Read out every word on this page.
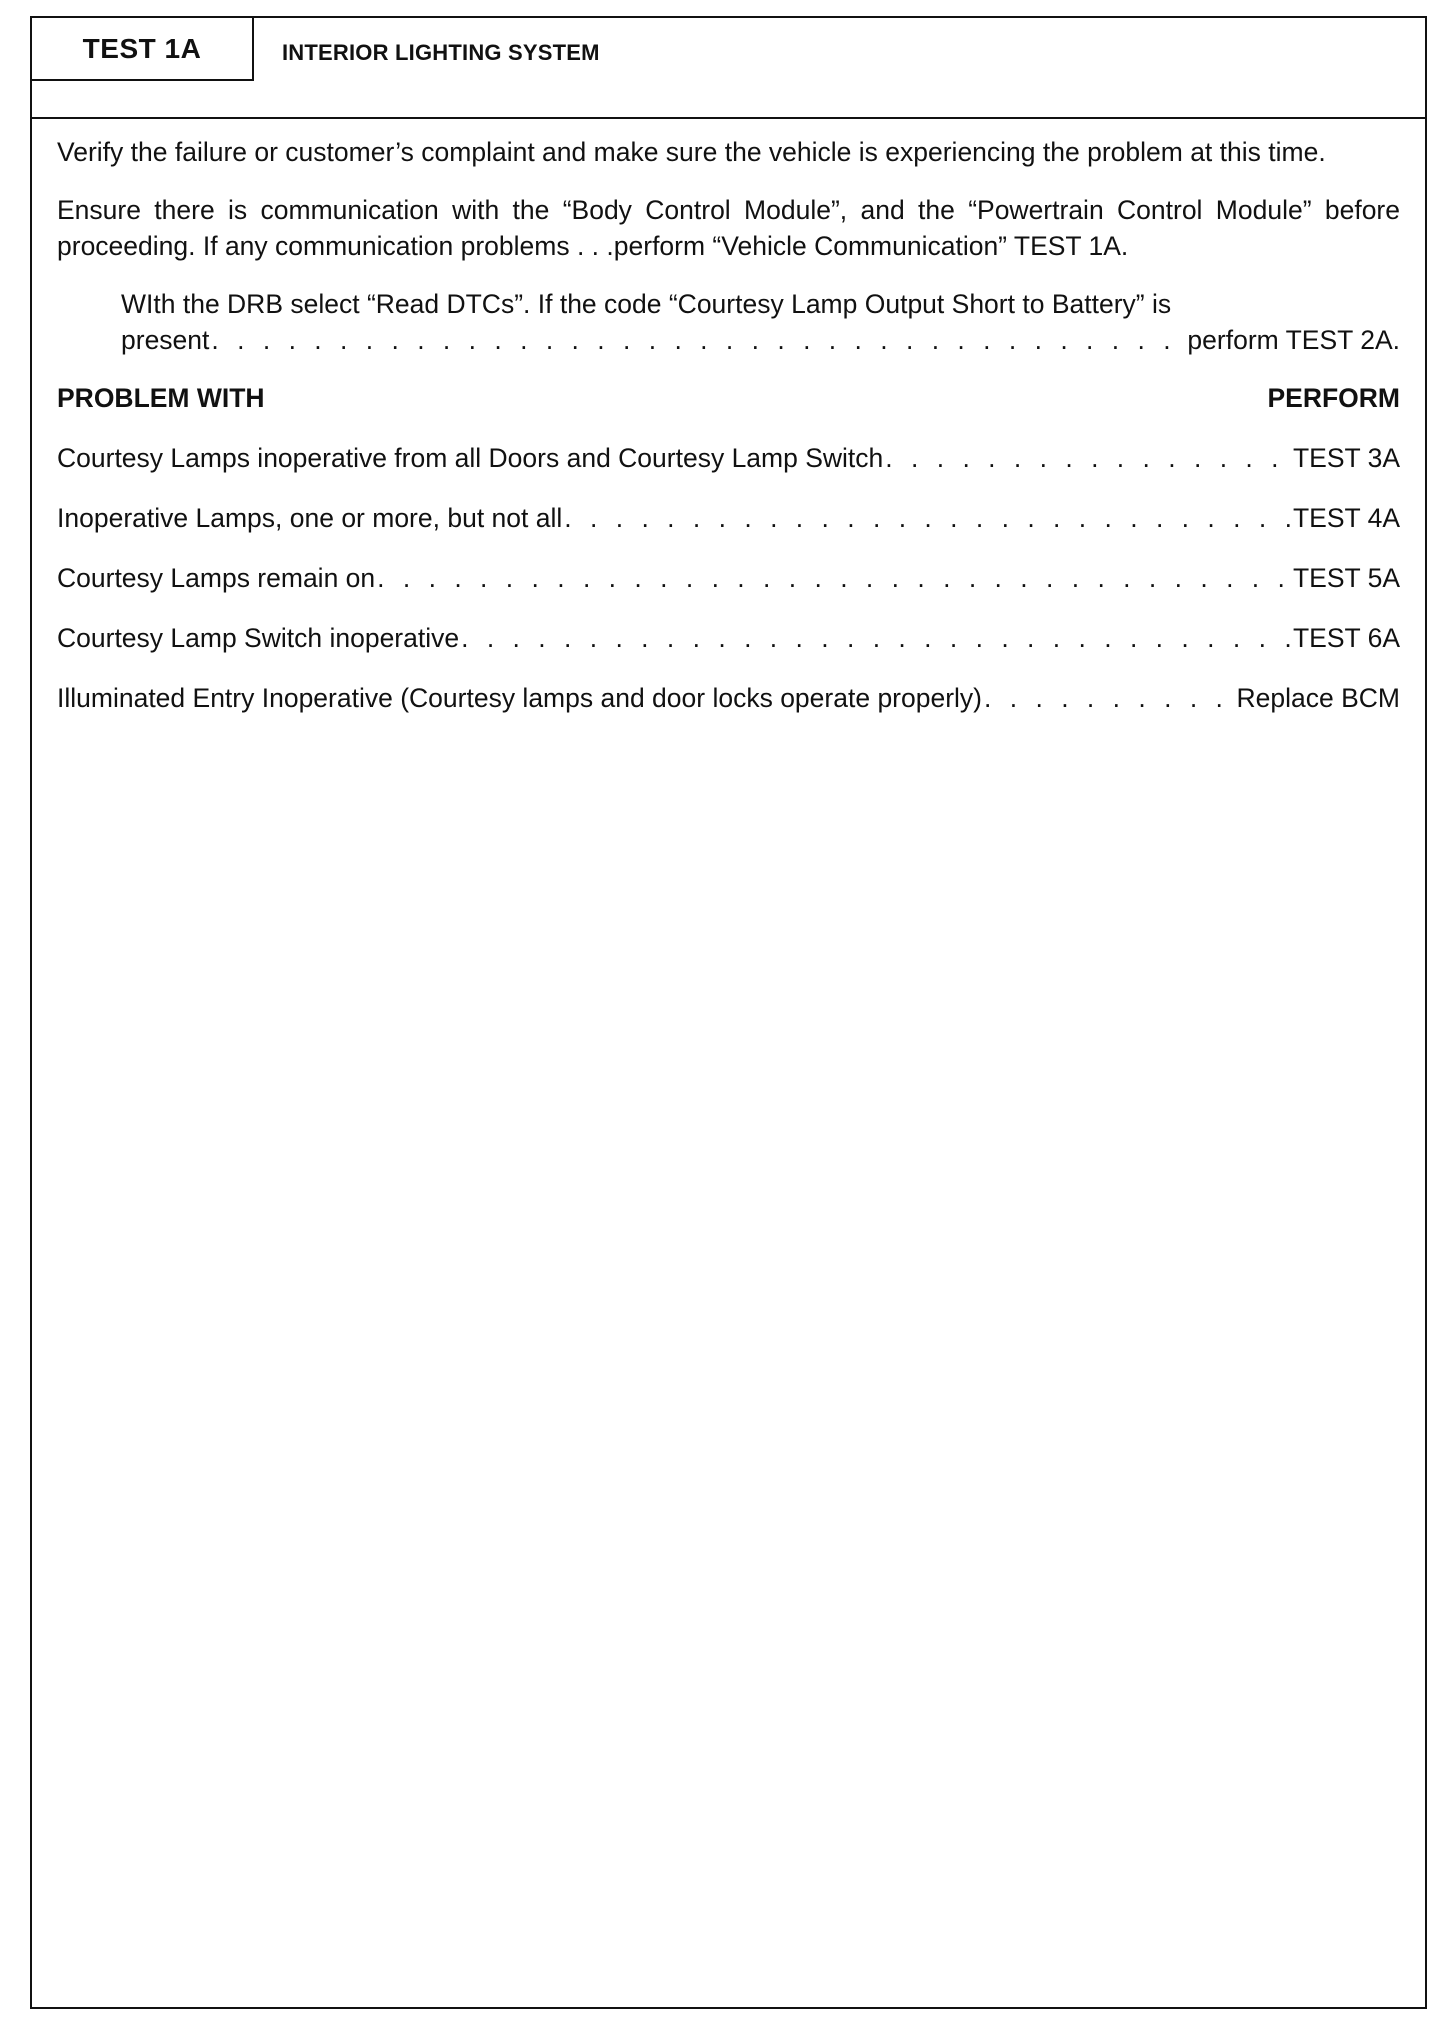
TEST 1A	INTERIOR LIGHTING SYSTEM

Verify the failure or customer’s complaint and make sure the vehicle is experiencing the problem at this time.

Ensure there is communication with the “Body Control Module”, and the “Powertrain Control Module” before proceeding. If any communication problems . . .perform “Vehicle Communication” TEST 1A.

WIth the DRB select “Read DTCs”. If the code “Courtesy Lamp Output Short to Battery” is
present . . .	perform TEST 2A.
PROBLEM WITH	PERFORM
Courtesy Lamps inoperative from all Doors and Courtesy Lamp Switch . . .	TEST 3A
Inoperative Lamps, one or more, but not all . . .	TEST 4A
Courtesy Lamps remain on . . .	TEST 5A
Courtesy Lamp Switch inoperative . . .	TEST 6A
Illuminated Entry Inoperative (Courtesy lamps and door locks operate properly) . . .	Replace BCM
